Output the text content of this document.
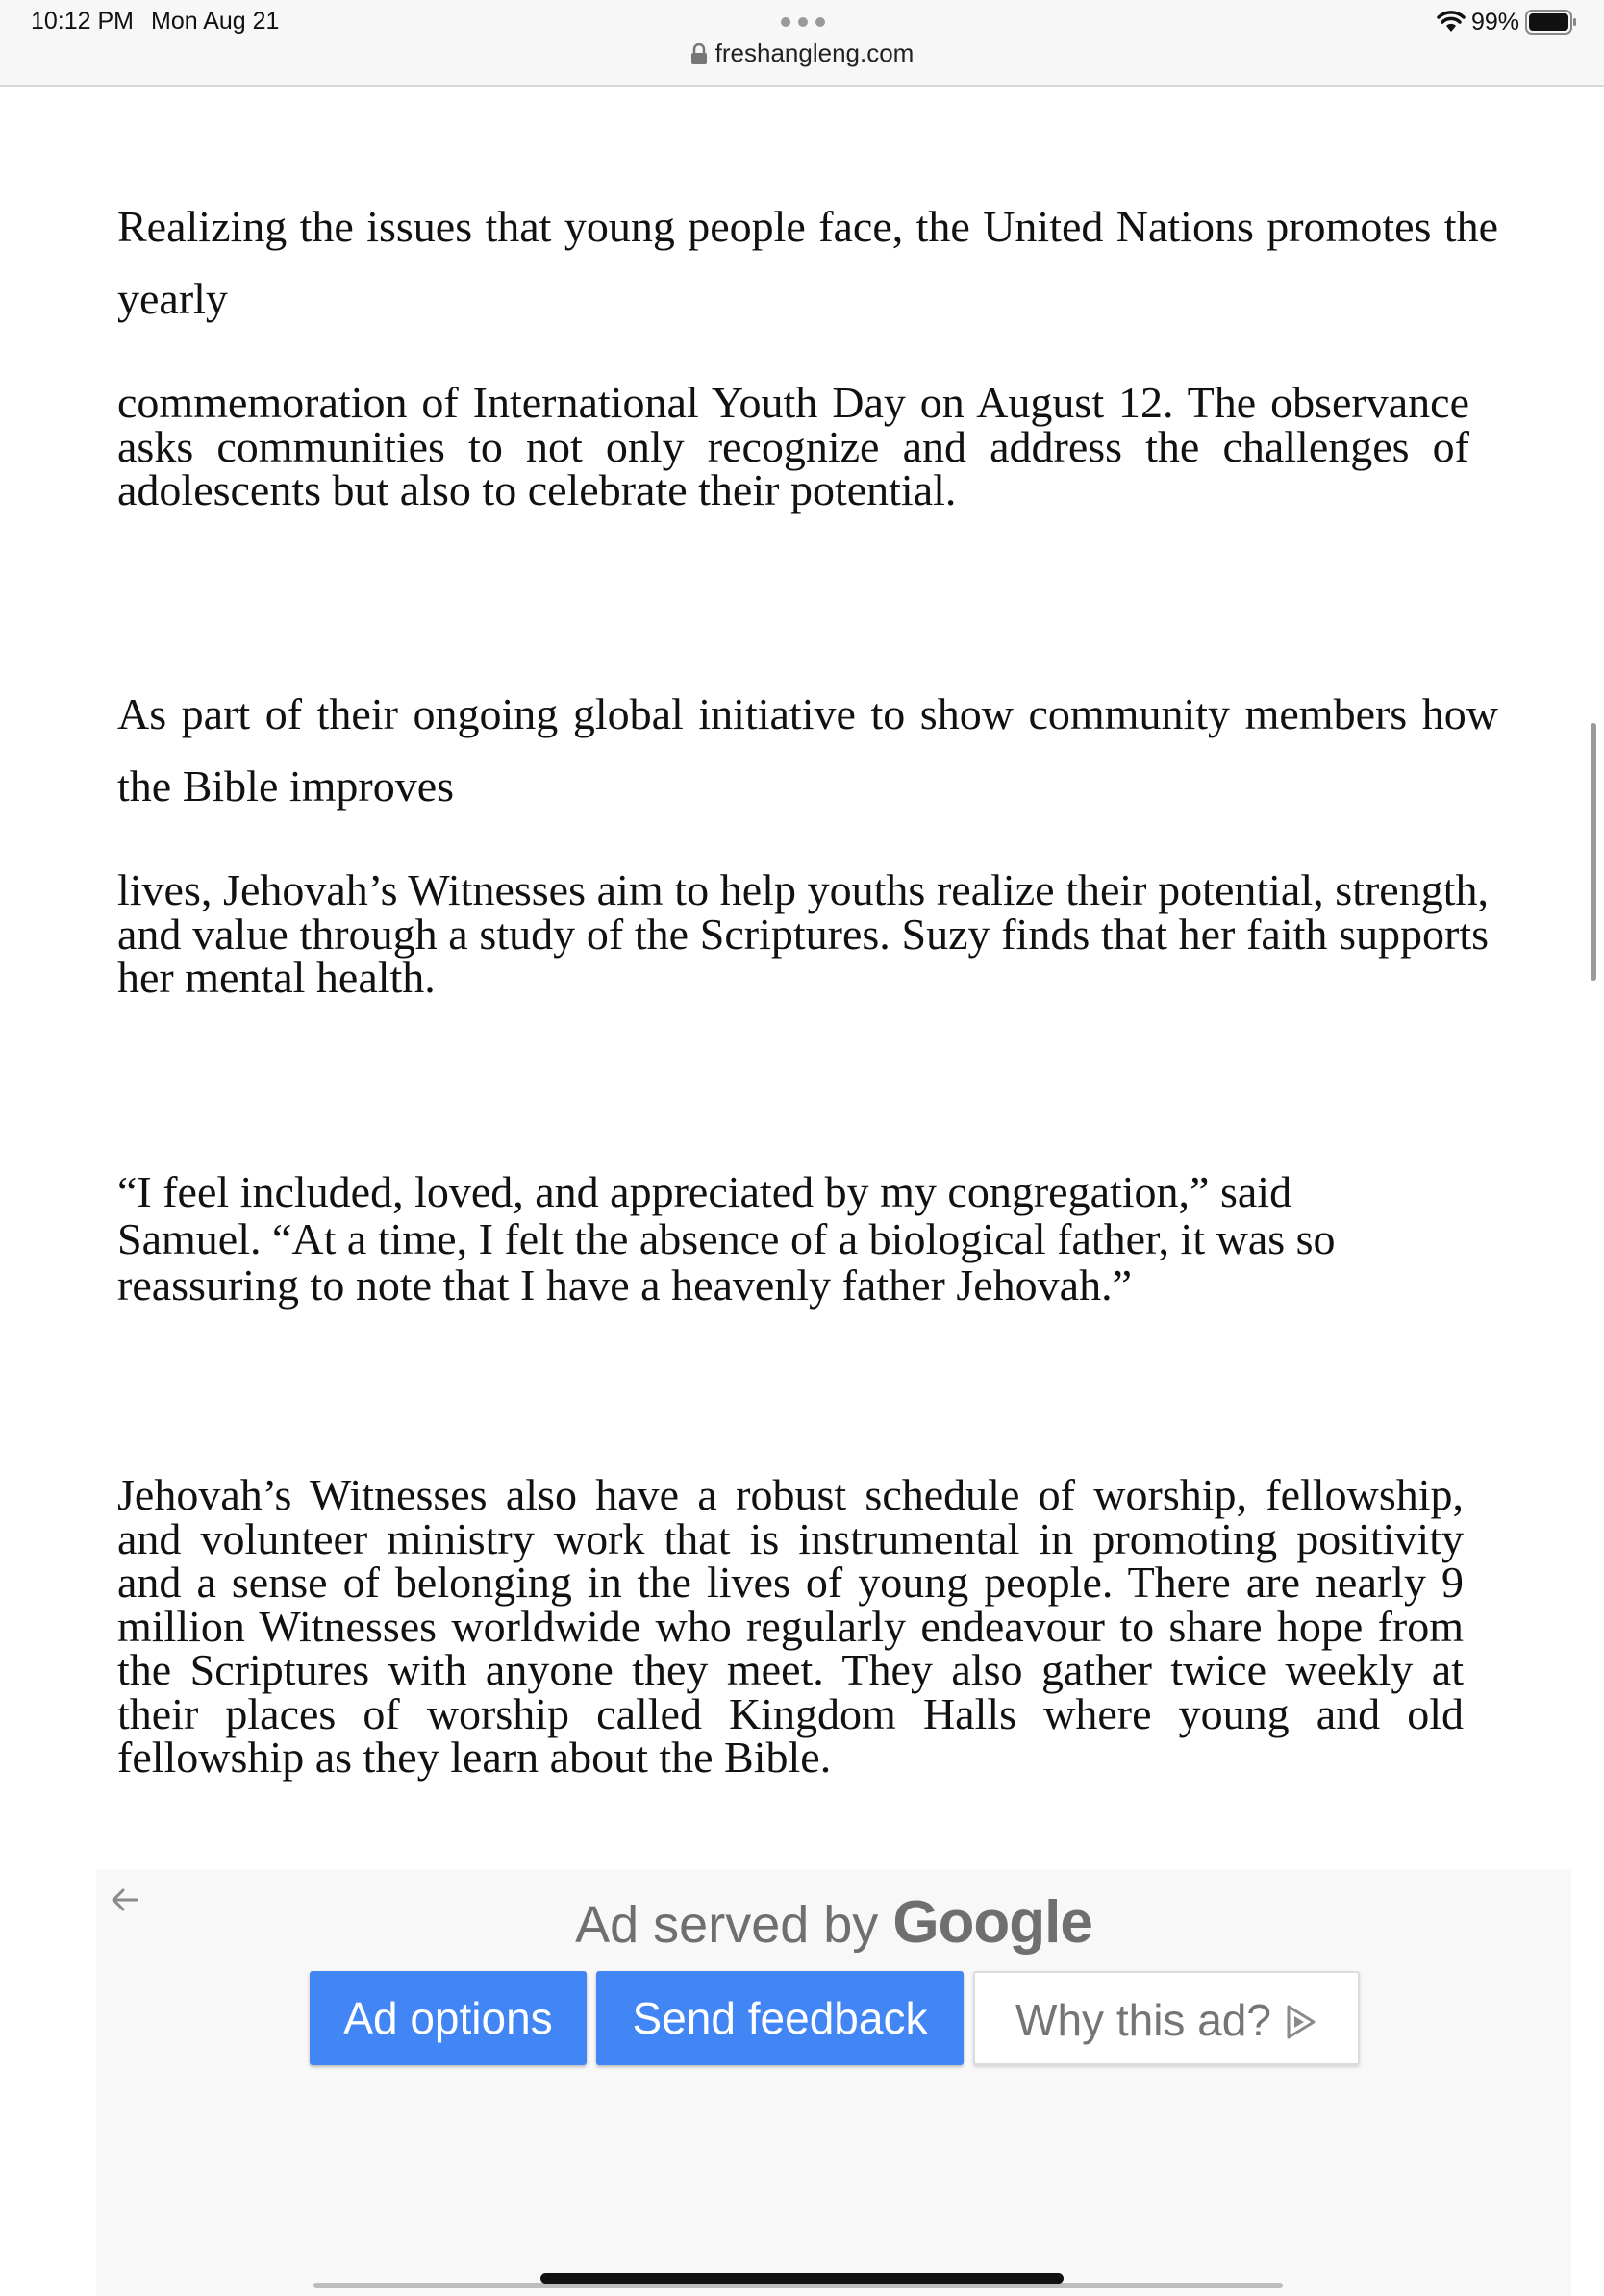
10:12 PM Mon Aug 21	99%
freshangleng.com

Realizing the issues that young people face, the United Nations promotes the yearly

commemoration of International Youth Day on August 12. The observance asks communities to not only recognize and address the challenges of adolescents but also to celebrate their potential.

As part of their ongoing global initiative to show community members how the Bible improves

lives, Jehovah’s Witnesses aim to help youths realize their potential, strength, and value through a study of the Scriptures. Suzy finds that her faith supports her mental health.

“I feel included, loved, and appreciated by my congregation,” said Samuel. “At a time, I felt the absence of a biological father, it was so reassuring to note that I have a heavenly father Jehovah.”

Jehovah’s Witnesses also have a robust schedule of worship, fellowship, and volunteer ministry work that is instrumental in promoting positivity and a sense of belonging in the lives of young people. There are nearly 9 million Witnesses worldwide who regularly endeavour to share hope from the Scriptures with anyone they meet. They also gather twice weekly at their places of worship called Kingdom Halls where young and old fellowship as they learn about the Bible.

Ad served by Google
Ad options	Send feedback	Why this ad?
